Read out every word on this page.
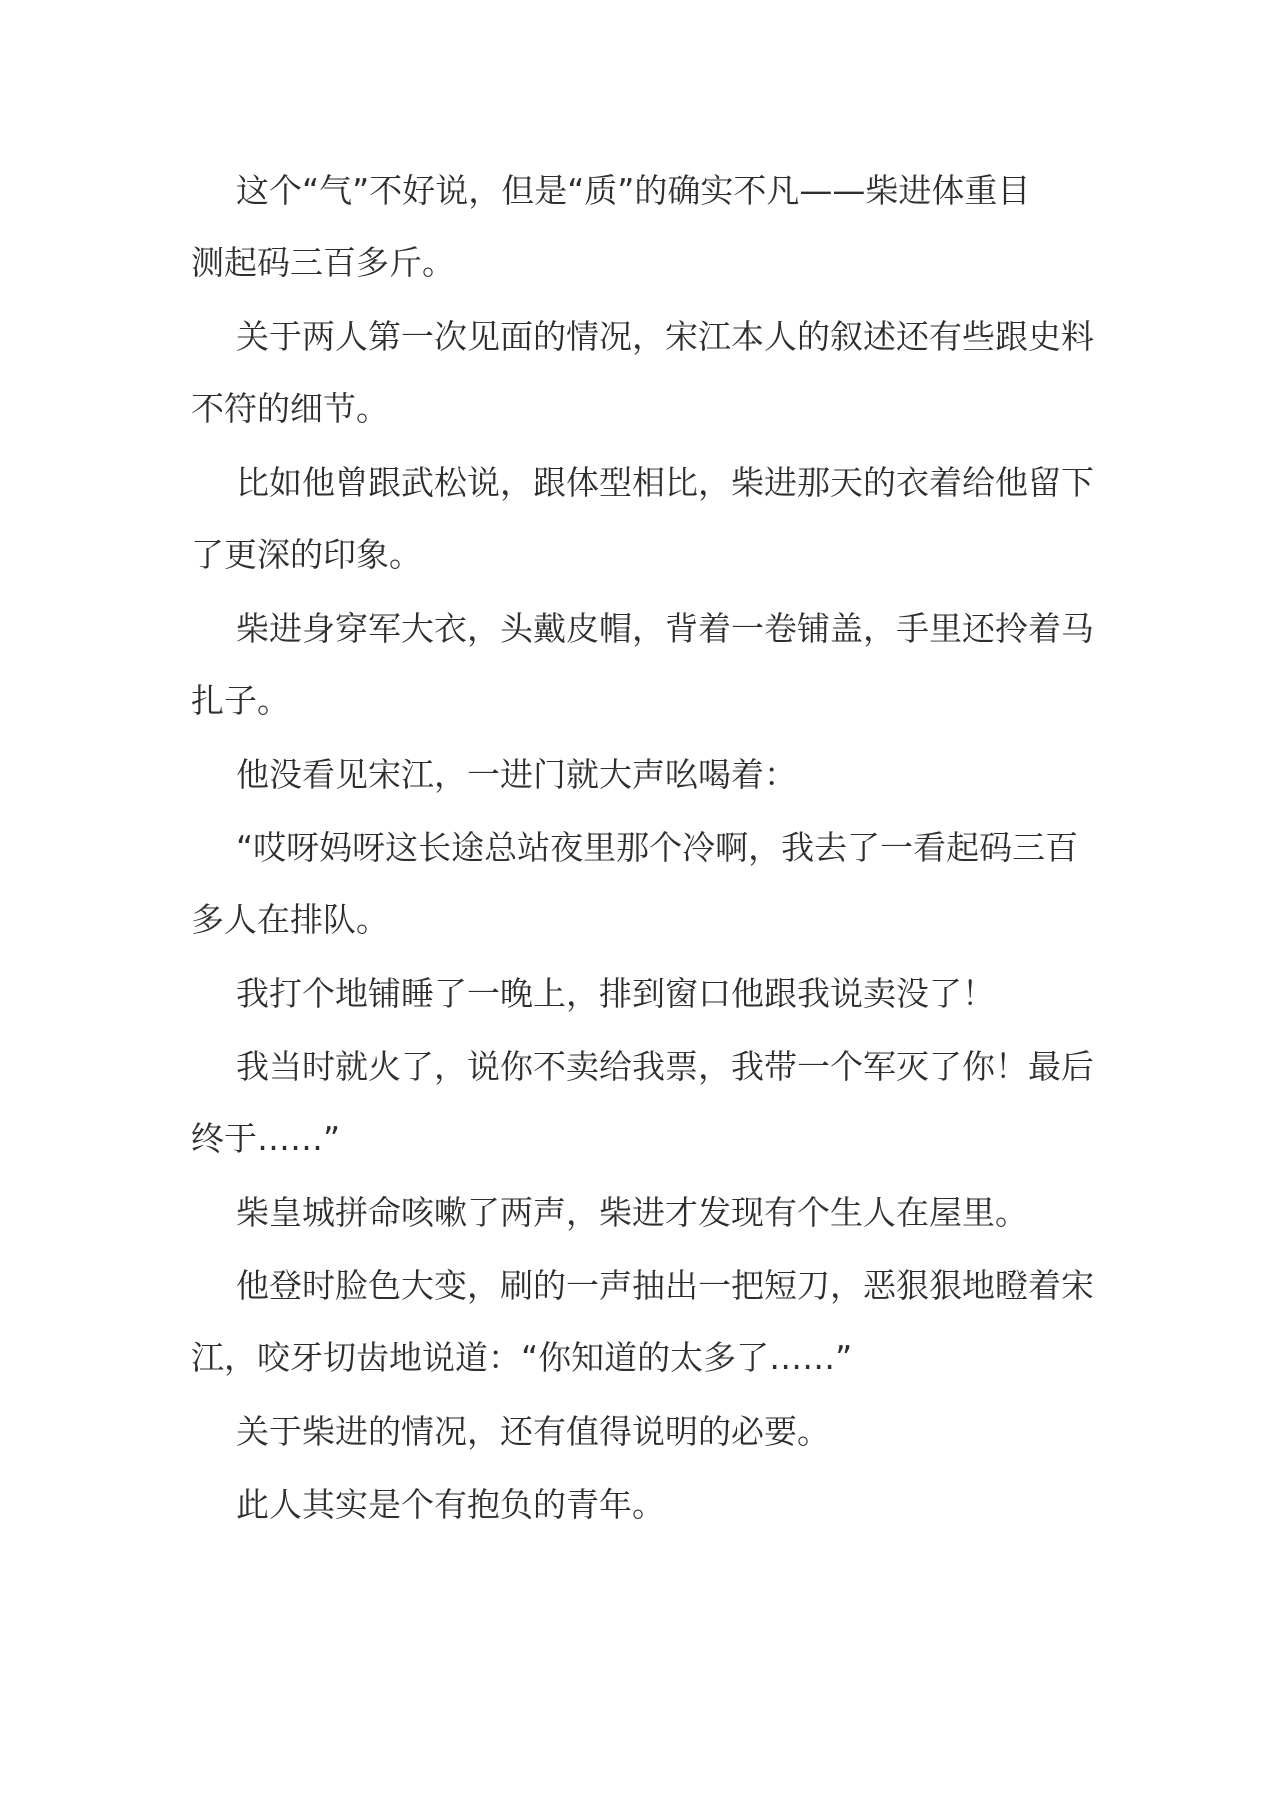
这个“气”不好说，但是“质”的确实不凡——柴进体重目
测起码三百多斤。
关于两人第一次见面的情况，宋江本人的叙述还有些跟史料
不符的细节。
比如他曾跟武松说，跟体型相比，柴进那天的衣着给他留下
了更深的印象。
柴进身穿军大衣，头戴皮帽，背着一卷铺盖，手里还拎着马
扎子。
他没看见宋江，一进门就大声吆喝着：
“哎呀妈呀这长途总站夜里那个冷啊，我去了一看起码三百
多人在排队。
我打个地铺睡了一晚上，排到窗口他跟我说卖没了！
我当时就火了，说你不卖给我票，我带一个军灭了你！最后
终于……”
柴皇城拼命咳嗽了两声，柴进才发现有个生人在屋里。
他登时脸色大变，刷的一声抽出一把短刀，恶狠狠地瞪着宋
江，咬牙切齿地说道：“你知道的太多了……”
关于柴进的情况，还有值得说明的必要。
此人其实是个有抱负的青年。
